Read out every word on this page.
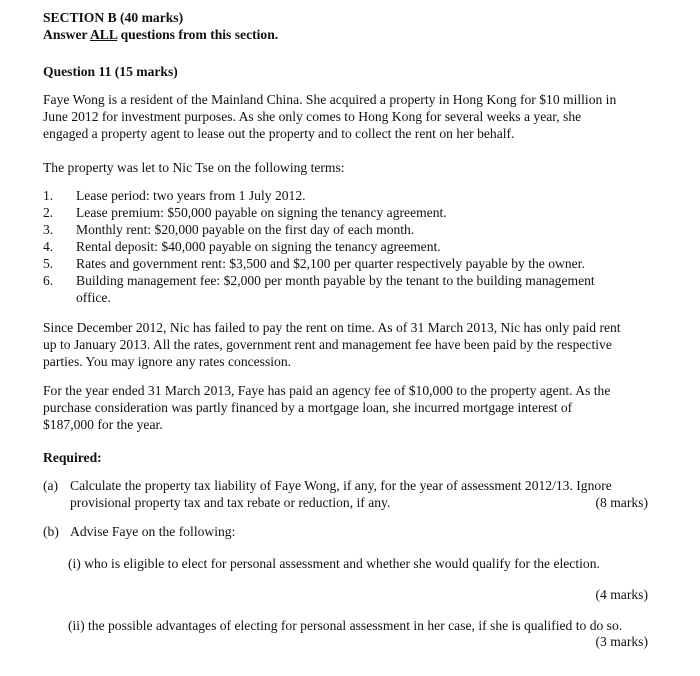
SECTION B (40 marks)
Answer ALL questions from this section.
Question 11 (15 marks)
Faye Wong is a resident of the Mainland China. She acquired a property in Hong Kong for $10 million in
June 2012 for investment purposes. As she only comes to Hong Kong for several weeks a year, she
engaged a property agent to lease out the property and to collect the rent on her behalf.
The property was let to Nic Tse on the following terms:
1. Lease period: two years from 1 July 2012.
2. Lease premium: $50,000 payable on signing the tenancy agreement.
3. Monthly rent: $20,000 payable on the first day of each month.
4. Rental deposit: $40,000 payable on signing the tenancy agreement.
5. Rates and government rent: $3,500 and $2,100 per quarter respectively payable by the owner.
6. Building management fee: $2,000 per month payable by the tenant to the building management
office.
Since December 2012, Nic has failed to pay the rent on time. As of 31 March 2013, Nic has only paid rent
up to January 2013. All the rates, government rent and management fee have been paid by the respective
parties. You may ignore any rates concession.
For the year ended 31 March 2013, Faye has paid an agency fee of $10,000 to the property agent. As the
purchase consideration was partly financed by a mortgage loan, she incurred mortgage interest of
$187,000 for the year.
Required:
(a) Calculate the property tax liability of Faye Wong, if any, for the year of assessment 2012/13. Ignore
provisional property tax and tax rebate or reduction, if any.	(8 marks)
(b) Advise Faye on the following:
(i) who is eligible to elect for personal assessment and whether she would qualify for the election.
(4 marks)
(ii) the possible advantages of electing for personal assessment in her case, if she is qualified to do so.
(3 marks)
